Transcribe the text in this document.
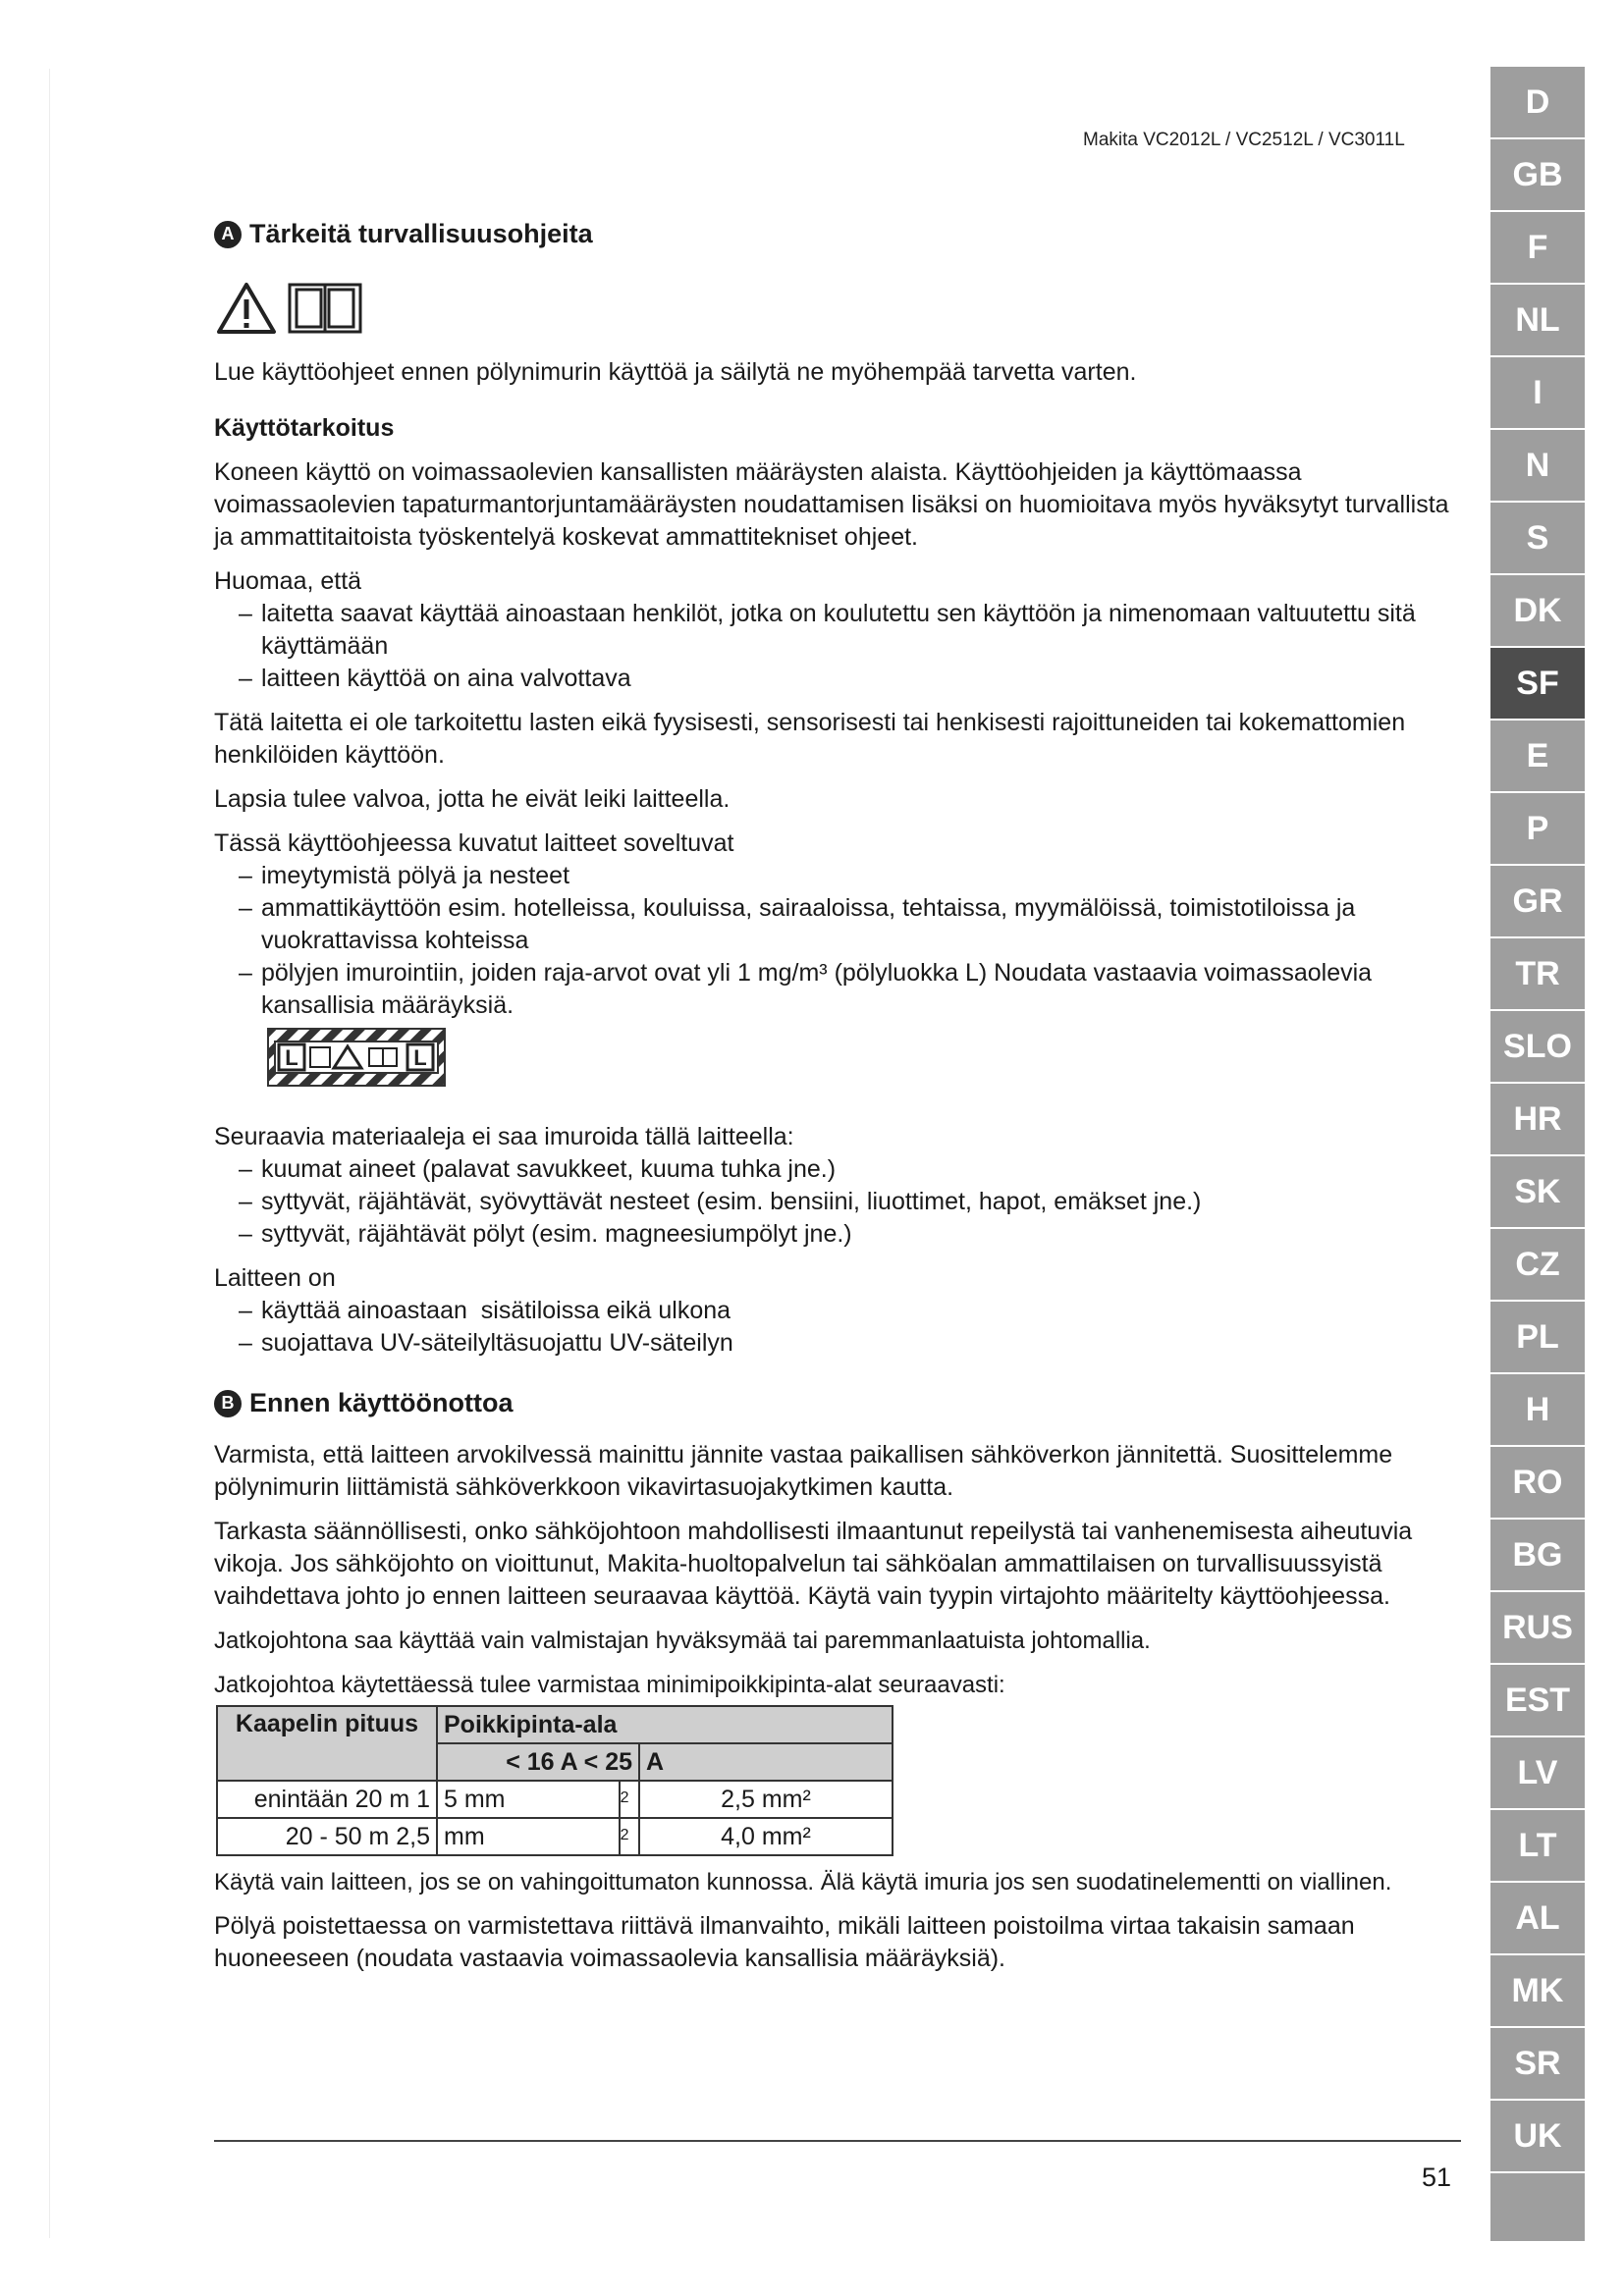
Makita VC2012L / VC2512L / VC3011L
A Tärkeitä turvallisuusohjeita

Lue käyttöohjeet ennen pölynimurin käyttöä ja säilytä ne myöhempää tarvetta varten.

Käyttötarkoitus

Koneen käyttö on voimassaolevien kansallisten määräysten alaista. Käyttöohjeiden ja käyttömaassa voimassaolevien tapaturmantorjuntamääräysten noudattamisen lisäksi on huomioitava myös hyväksytyt turvallista ja ammattitaitoista työskentelyä koskevat ammattitekniset ohjeet.

Huomaa, että

– laitetta saavat käyttää ainoastaan henkilöt, jotka on koulutettu sen käyttöön ja nimenomaan valtuutettu sitä käyttämään
– laitteen käyttöä on aina valvottava

Tätä laitetta ei ole tarkoitettu lasten eikä fyysisesti, sensorisesti tai henkisesti rajoittuneiden tai kokemattomien henkilöiden käyttöön.

Lapsia tulee valvoa, jotta he eivät leiki laitteella.

Tässä käyttöohjeessa kuvatut laitteet soveltuvat

– imeytymistä pölyä ja nesteet
– ammattikäyttöön esim. hotelleissa, kouluissa, sairaaloissa, tehtaissa, myymälöissä, toimistotiloissa ja vuokrattavissa kohteissa
– pölyjen imurointiin, joiden raja-arvot ovat yli 1 mg/m³ (pölyluokka L) Noudata vastaavia voimassaolevia kansallisia määräyksiä.
L	L

Seuraavia materiaaleja ei saa imuroida tällä laitteella:

– kuumat aineet (palavat savukkeet, kuuma tuhka jne.)
– syttyvät, räjähtävät, syövyttävät nesteet (esim. bensiini, liuottimet, hapot, emäkset jne.)
– syttyvät, räjähtävät pölyt (esim. magneesiumpölyt jne.)

Laitteen on

– käyttää ainoastaan  sisätiloissa eikä ulkona
– suojattava UV-säteilyltäsuojattu UV-säteilyn
B Ennen käyttöönottoa

Varmista, että laitteen arvokilvessä mainittu jännite vastaa paikallisen sähköverkon jännitettä. Suosittelemme pölynimurin liittämistä sähköverkkoon vikavirtasuojakytkimen kautta.

Tarkasta säännöllisesti, onko sähköjohtoon mahdollisesti ilmaantunut repeilystä tai vanhenemisesta aiheutuvia vikoja. Jos sähköjohto on vioittunut, Makita-huoltopalvelun tai sähköalan ammattilaisen on turvallisuussyistä vaihdettava johto jo ennen laitteen seuraavaa käyttöä. Käytä vain tyypin virtajohto määritelty käyttöohjeessa.

Jatkojohtona saa käyttää vain valmistajan hyväksymää tai paremmanlaatuista johtomallia.

Jatkojohtoa käytettäessä tulee varmistaa minimipoikkipinta-alat seuraavasti:

Kaapelin pituus	Poikkipinta-ala		
	< 16 A < 25		A
enintään 20 m 1	5 mm	2	2,5 mm²
20 - 50 m 2,5	mm	2	4,0 mm²

Käytä vain laitteen, jos se on vahingoittumaton kunnossa. Älä käytä imuria jos sen suodatinelementti on viallinen.

Pölyä poistettaessa on varmistettava riittävä ilmanvaihto, mikäli laitteen poistoilma virtaa takaisin samaan huoneeseen (noudata vastaavia voimassaolevia kansallisia määräyksiä).

51
D
GB
F
NL
I
N
S
DK
SF
E
P
GR
TR
SLO
HR
SK
CZ
PL
H
RO
BG
RUS
EST
LV
LT
AL
MK
SR
UK
